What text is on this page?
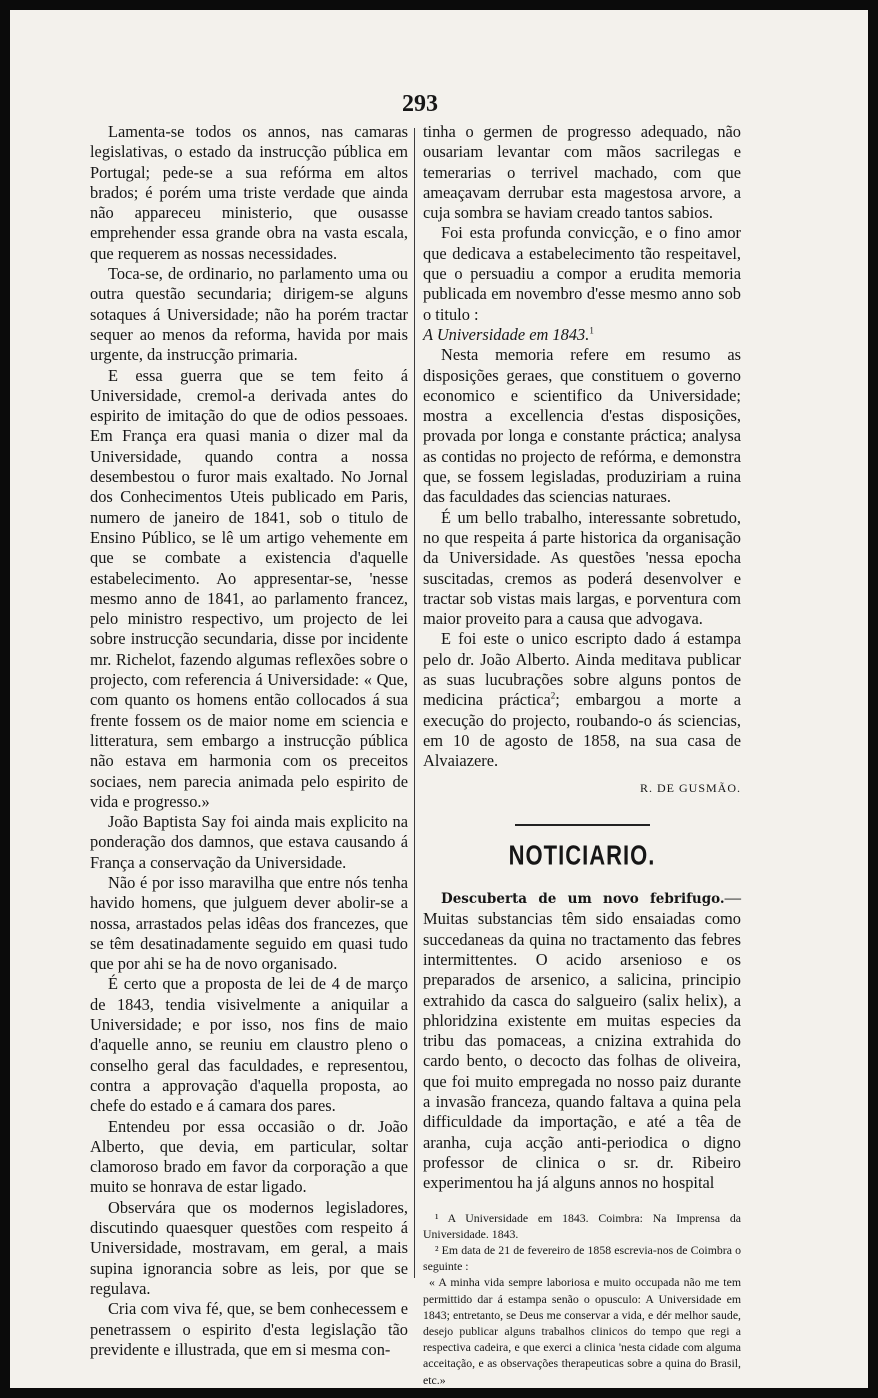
293

Lamenta-se todos os annos, nas camaras legislativas, o estado da instrucção pública em Portugal; pede-se a sua refórma em altos brados; é porém uma triste verdade que ainda não appareceu ministerio, que ousasse emprehender essa grande obra na vasta escala, que requerem as nossas necessidades.

Toca-se, de ordinario, no parlamento uma ou outra questão secundaria; dirigem-se alguns sotaques á Universidade; não ha porém tractar sequer ao menos da reforma, havida por mais urgente, da instrucção primaria.

E essa guerra que se tem feito á Universidade, cremol-a derivada antes do espirito de imitação do que de odios pessoaes. Em França era quasi mania o dizer mal da Universidade, quando contra a nossa desembestou o furor mais exaltado. No Jornal dos Conhecimentos Uteis publicado em Paris, numero de janeiro de 1841, sob o titulo de Ensino Público, se lê um artigo vehemente em que se combate a existencia d'aquelle estabelecimento. Ao appresentar-se, 'nesse mesmo anno de 1841, ao parlamento francez, pelo ministro respectivo, um projecto de lei sobre instrucção secundaria, disse por incidente mr. Richelot, fazendo algumas reflexões sobre o projecto, com referencia á Universidade: « Que, com quanto os homens então collocados á sua frente fossem os de maior nome em sciencia e litteratura, sem embargo a instrucção pública não estava em harmonia com os preceitos sociaes, nem parecia animada pelo espirito de vida e progresso.»

João Baptista Say foi ainda mais explicito na ponderação dos damnos, que estava causando á França a conservação da Universidade.

Não é por isso maravilha que entre nós tenha havido homens, que julguem dever abolir-se a nossa, arrastados pelas idêas dos francezes, que se têm desatinadamente seguido em quasi tudo que por ahi se ha de novo organisado.

É certo que a proposta de lei de 4 de março de 1843, tendia visivelmente a aniquilar a Universidade; e por isso, nos fins de maio d'aquelle anno, se reuniu em claustro pleno o conselho geral das faculdades, e representou, contra a approvação d'aquella proposta, ao chefe do estado e á camara dos pares.

Entendeu por essa occasião o dr. João Alberto, que devia, em particular, soltar clamoroso brado em favor da corporação a que muito se honrava de estar ligado.

Observára que os modernos legisladores, discutindo quaesquer questões com respeito á Universidade, mostravam, em geral, a mais supina ignorancia sobre as leis, por que se regulava.

Cria com viva fé, que, se bem conhecessem e penetrassem o espirito d'esta legislação tão previdente e illustrada, que em si mesma con-

tinha o germen de progresso adequado, não ousariam levantar com mãos sacrilegas e temerarias o terrivel machado, com que ameaçavam derrubar esta magestosa arvore, a cuja sombra se haviam creado tantos sabios.

Foi esta profunda convicção, e o fino amor que dedicava a estabelecimento tão respeitavel, que o persuadiu a compor a erudita memoria publicada em novembro d'esse mesmo anno sob o titulo :

A Universidade em 1843.$^1$

Nesta memoria refere em resumo as disposições geraes, que constituem o governo economico e scientifico da Universidade; mostra a excellencia d'estas disposições, provada por longa e constante práctica; analysa as contidas no projecto de refórma, e demonstra que, se fossem legisladas, produziriam a ruina das faculdades das sciencias naturaes.

É um bello trabalho, interessante sobretudo, no que respeita á parte historica da organisação da Universidade. As questões 'nessa epocha suscitadas, cremos as poderá desenvolver e tractar sob vistas mais largas, e porventura com maior proveito para a causa que advogava.

E foi este o unico escripto dado á estampa pelo dr. João Alberto. Ainda meditava publicar as suas lucubrações sobre alguns pontos de medicina práctica$^2$; embargou a morte a execução do projecto, roubando-o ás sciencias, em 10 de agosto de 1858, na sua casa de Alvaiazere.

R. DE GUSMÃO.

NOTICIARIO.

Descuberta de um novo febrifugo.— Muitas substancias têm sido ensaiadas como succedaneas da quina no tractamento das febres intermittentes. O acido arsenioso e os preparados de arsenico, a salicina, principio extrahido da casca do salgueiro (salix helix), a phloridzina existente em muitas especies da tribu das pomaceas, a cnizina extrahida do cardo bento, o decocto das folhas de oliveira, que foi muito empregada no nosso paiz durante a invasão franceza, quando faltava a quina pela difficuldade da importação, e até a têa de aranha, cuja acção anti-periodica o digno professor de clinica o sr. dr. Ribeiro experimentou ha já alguns annos no hospital

¹ A Universidade em 1843. Coimbra: Na Imprensa da Universidade. 1843.

² Em data de 21 de fevereiro de 1858 escrevia-nos de Coimbra o seguinte :

« A minha vida sempre laboriosa e muito occupada não me tem permittido dar á estampa senão o opusculo: A Universidade em 1843; entretanto, se Deus me conservar a vida, e dér melhor saude, desejo publicar alguns trabalhos clinicos do tempo que regi a respectiva cadeira, e que exerci a clinica 'nesta cidade com alguma acceitação, e as observações therapeuticas sobre a quina do Brasil, etc.»
